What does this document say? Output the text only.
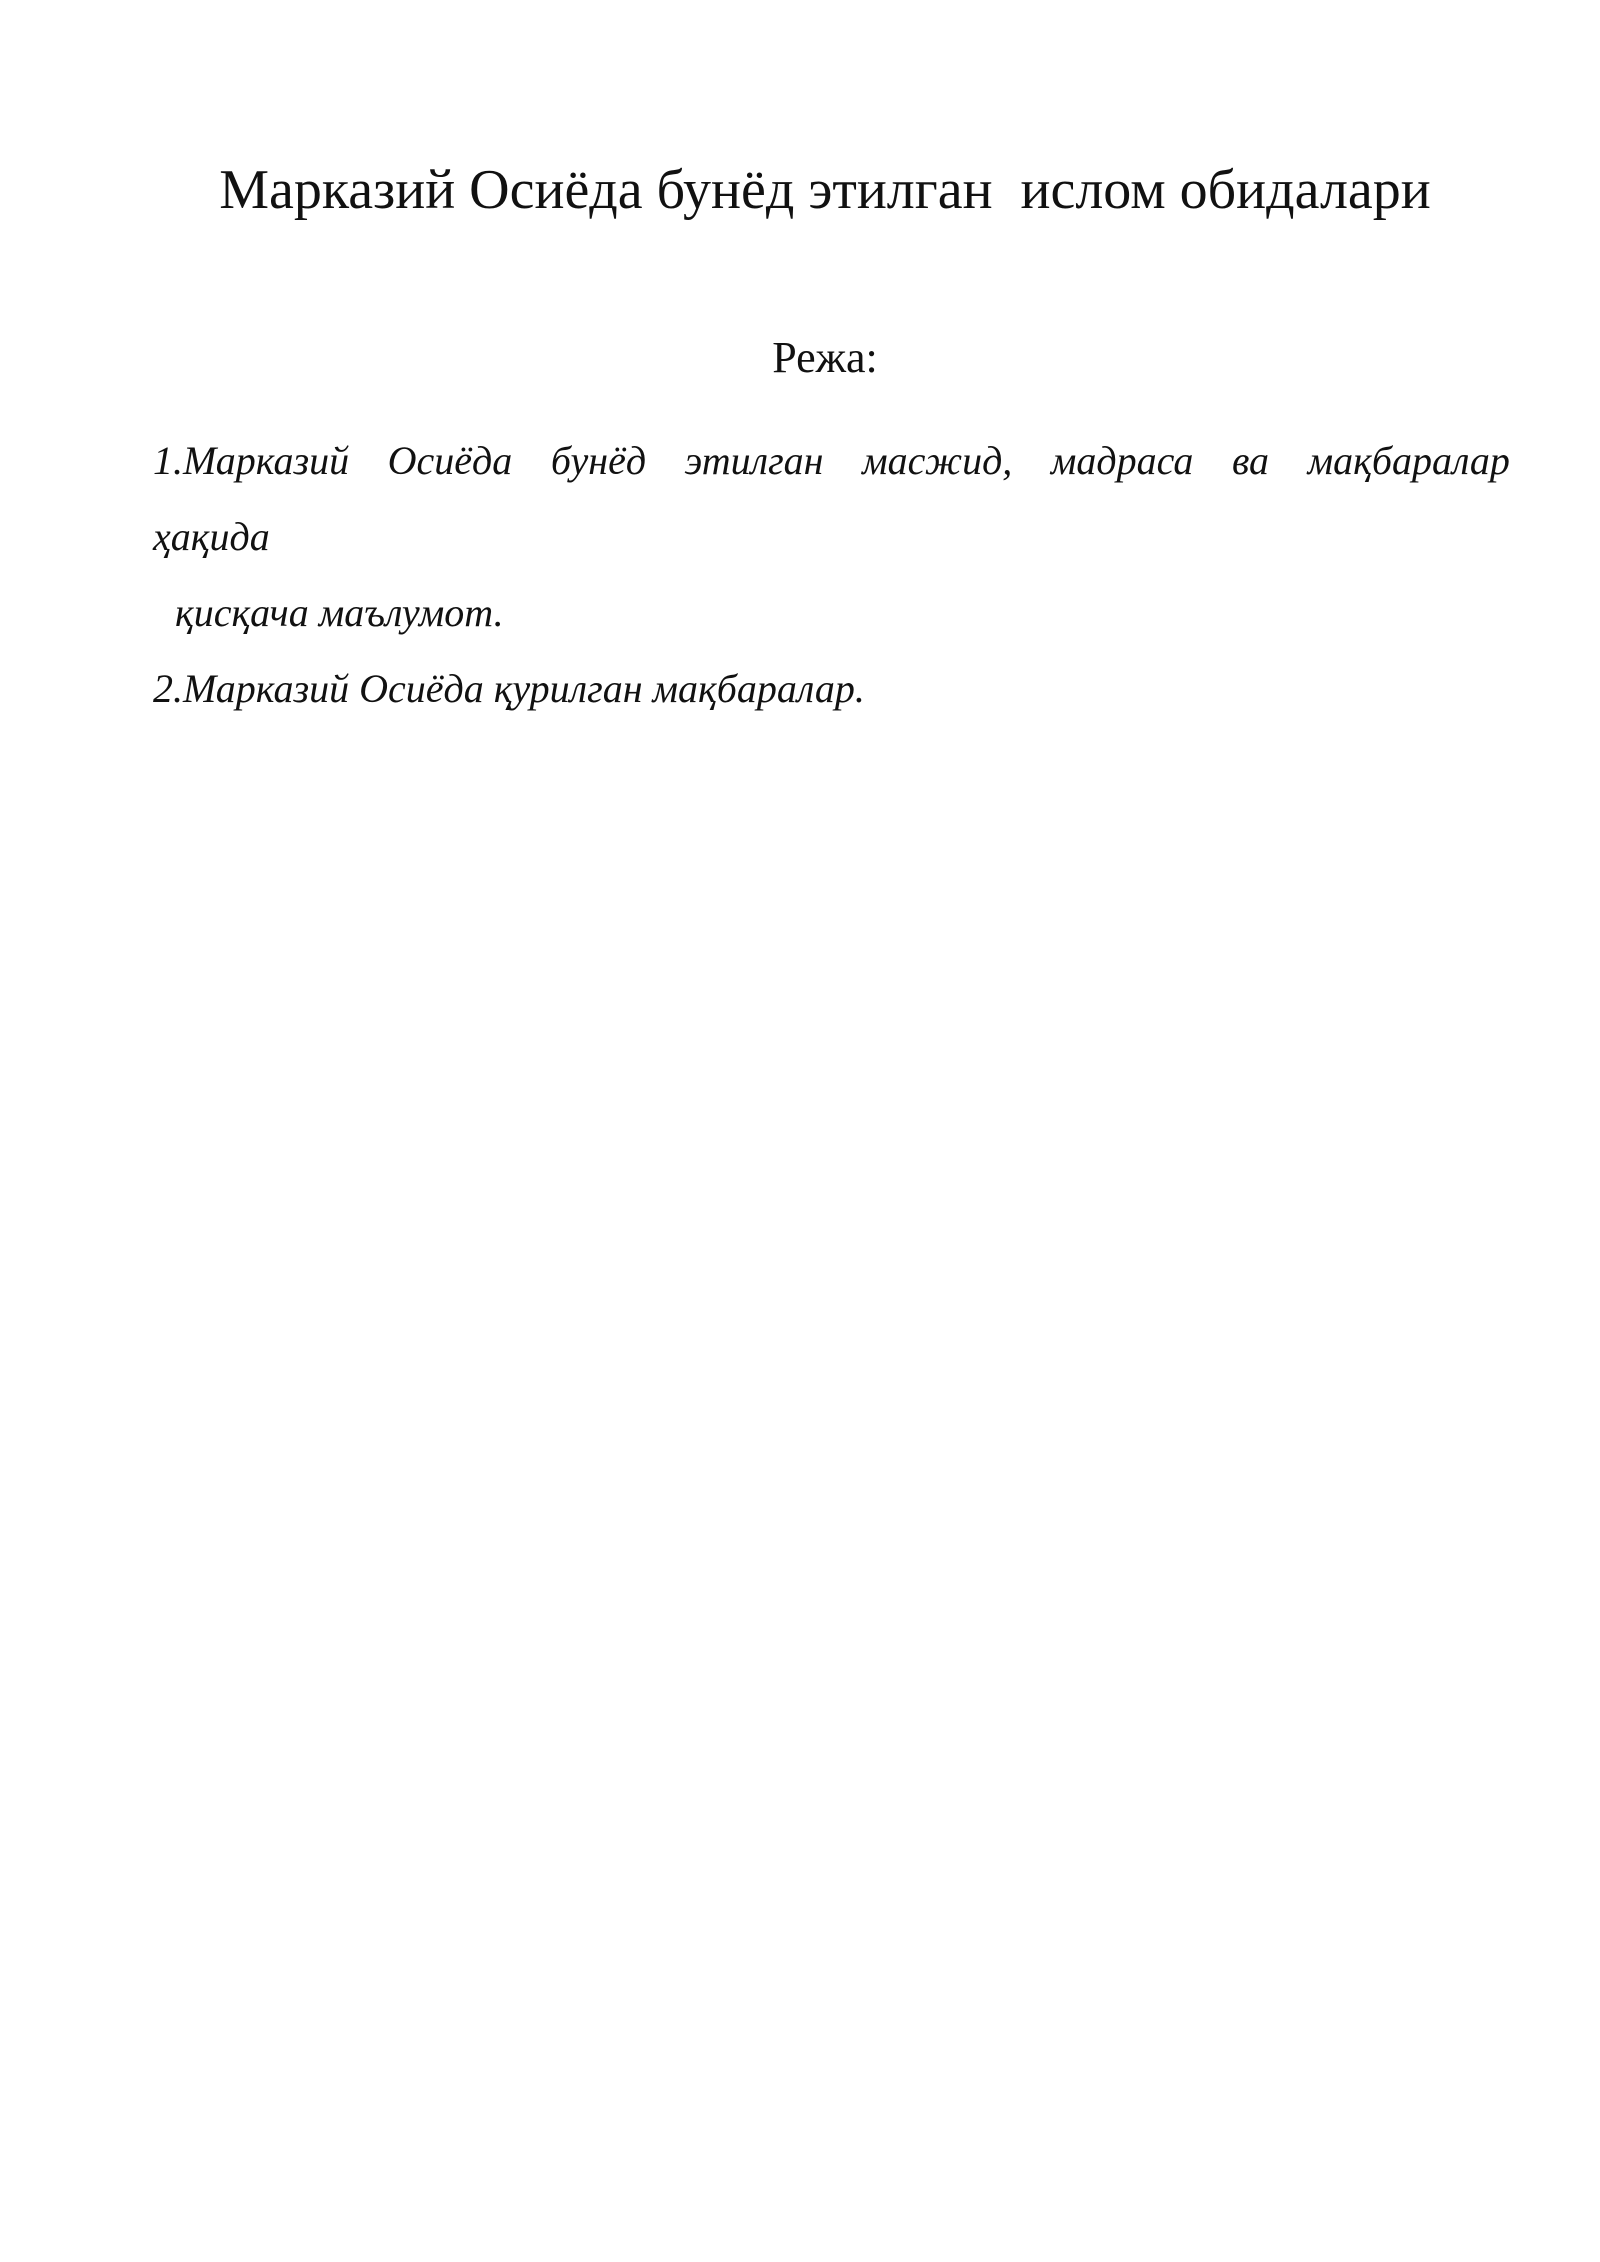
Марказий Осиёда бунёд этилган  ислом обидалари
Режа:
1.Марказий Осиёда бунёд этилган масжид, мадраса ва мақбаралар

ҳақида

қисқача маълумот.

2.Марказий Осиёда қурилган мақбаралар.
